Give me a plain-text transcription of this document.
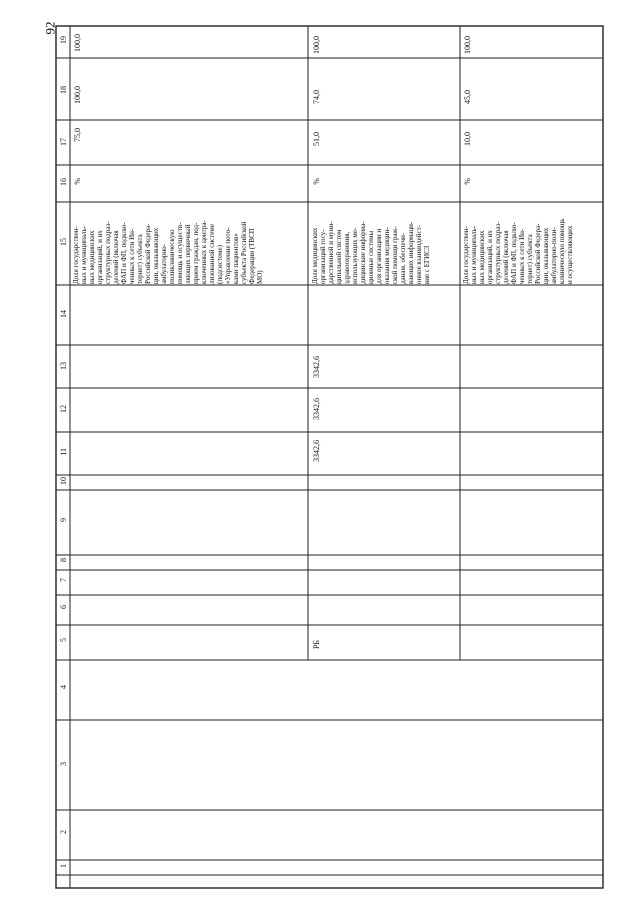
92
19
18
17
16
15
14
13
12
11
10
9
8
7
6
5
4
3
2
1
100,0
100,0
75,0
%
Доля государствен-
ных и муниципаль-
ных медицинских
организаций, и их
структурных подраз-
делений (включая
ФАП и ФП, подклю-
ченных к сети Ин-
тернет) субъекта
Российской Федера-
ции, оказывающих
амбулаторно-
поликлиническую
помощь и осуществ-
ляющих первичный
прием граждан, под-
ключенных к центра-
лизованной системе
(подсистеме)
«Управление пото-
ками пациентов»
субъекта Российской
Федерации (ТВСП
МО)
100,0
74,0
51,0
%
Доля медицинских
организаций госу-
дарственной и муни-
ципальной систем
здравоохранения,
использующих ме-
дицинские информа-
ционные системы
для организации и
оказания медицин-
ской помощи граж-
данам, обеспечи-
вающих информаци-
онное взаимодейст-
вие с ЕГИСЗ
3342,6
3342,6
3342,6
РБ
100,0
45,0
10,0
%
Доля государствен-
ных и муниципаль-
ных медицинских
организаций, и их
структурных подраз-
делений (включая
ФАП и ФП, подклю-
ченных к сети Ин-
тернет) субъекта
Российской Федера-
ции, оказывающих
амбулаторно-поли-
клиническую помощь
и осуществляющих
